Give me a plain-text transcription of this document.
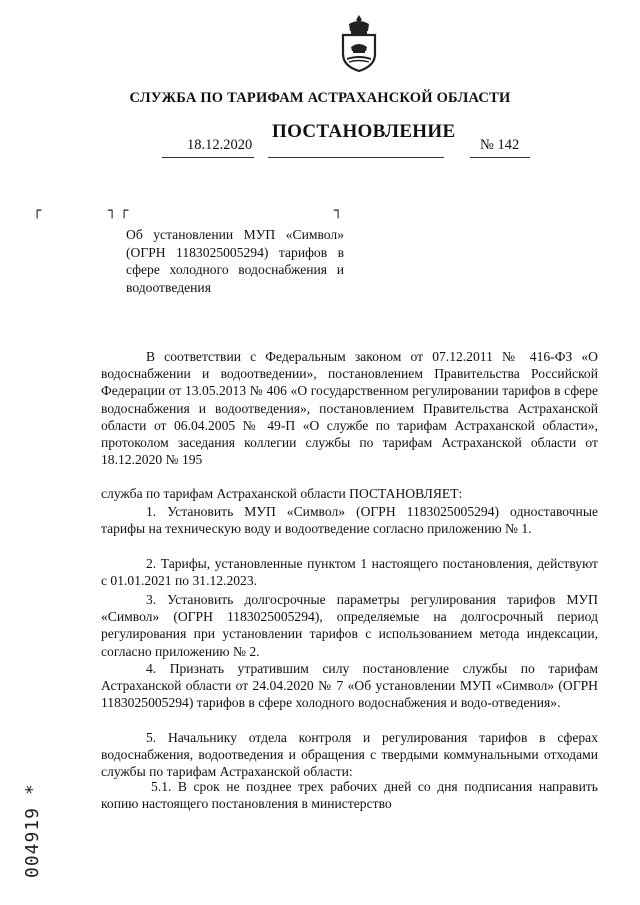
СЛУЖБА ПО ТАРИФАМ АСТРАХАНСКОЙ ОБЛАСТИ
ПОСТАНОВЛЕНИЕ
18.12.2020	№ 142
┌	┐ ┌	┐
Об установлении МУП «Символ» (ОГРН 1183025005294) тарифов в сфере холодного водоснабжения и водоотведения
В соответствии с Федеральным законом от 07.12.2011 № 416-ФЗ «О водоснабжении и водоотведении», постановлением Правительства Российской Федерации от 13.05.2013 № 406 «О государственном регулировании тарифов в сфере водоснабжения и водоотведения», постановлением Правительства Астраханской области от 06.04.2005 № 49-П «О службе по тарифам Астраханской области», протоколом заседания коллегии службы по тарифам Астраханской области от 18.12.2020 № 195
служба по тарифам Астраханской области ПОСТАНОВЛЯЕТ:
1. Установить МУП «Символ» (ОГРН 1183025005294) одноставочные тарифы на техническую воду и водоотведение согласно приложению № 1.
2. Тарифы, установленные пунктом 1 настоящего постановления, действуют с 01.01.2021 по 31.12.2023.
3. Установить долгосрочные параметры регулирования тарифов МУП «Символ» (ОГРН 1183025005294), определяемые на долгосрочный период регулирования при установлении тарифов с использованием метода индексации, согласно приложению № 2.
4. Признать утратившим силу постановление службы по тарифам Астраханской области от 24.04.2020 № 7 «Об установлении МУП «Символ» (ОГРН 1183025005294) тарифов в сфере холодного водоснабжения и водо-отведения».
5. Начальнику отдела контроля и регулирования тарифов в сферах водоснабжения, водоотведения и обращения с твердыми коммунальными отходами службы по тарифам Астраханской области:
5.1. В срок не позднее трех рабочих дней со дня подписания направить копию настоящего постановления в министерство
004919 *
